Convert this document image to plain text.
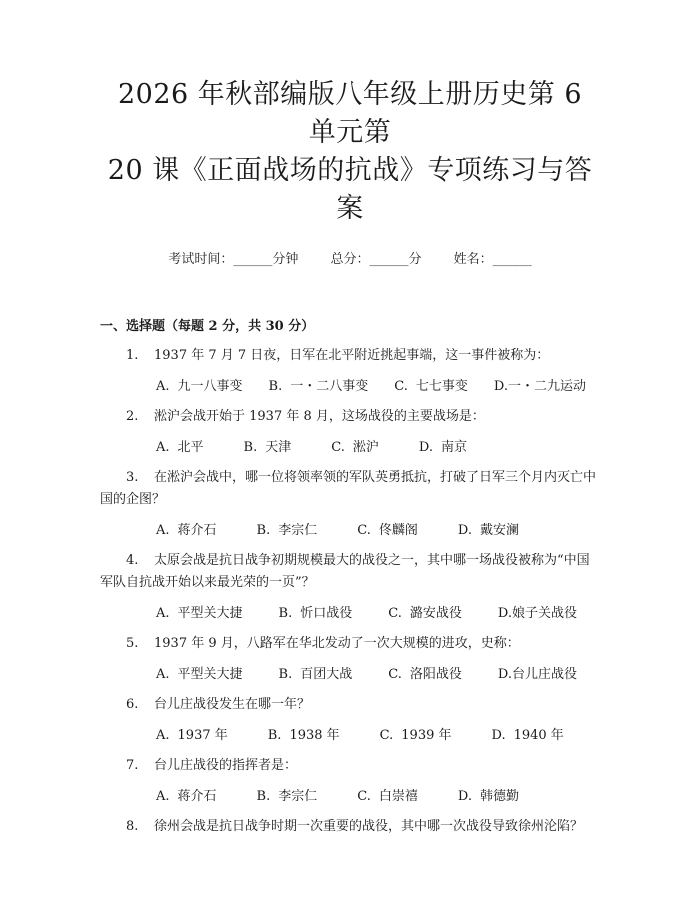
2026 年秋部编版八年级上册历史第 6 单元第
20 课《正面战场的抗战》专项练习与答案
考试时间：______分钟 总分：______分 姓名：______
一、选择题（每题 2 分，共 30 分）
1. 1937 年 7 月 7 日夜，日军在北平附近挑起事端，这一事件被称为：
A. 九一八事变 B. 一・二八事变 C. 七七事变 D.一・二九运动
2. 淞沪会战开始于 1937 年 8 月，这场战役的主要战场是：
A. 北平	B. 天津	C. 淞沪	D. 南京
3. 在淞沪会战中，哪一位将领率领的军队英勇抵抗，打破了日军三个月内灭亡中国的企图？
A. 蒋介石	B. 李宗仁	C. 佟麟阁	D. 戴安澜
4. 太原会战是抗日战争初期规模最大的战役之一，其中哪一场战役被称为“中国军队自抗战开始以来最光荣的一页”？
A. 平型关大捷	B. 忻口战役	C. 潞安战役	D.娘子关战役
5. 1937 年 9 月，八路军在华北发动了一次大规模的进攻，史称：
A. 平型关大捷	B. 百团大战	C. 洛阳战役	D.台儿庄战役
6. 台儿庄战役发生在哪一年？
A. 1937 年	B. 1938 年	C. 1939 年	D. 1940 年
7. 台儿庄战役的指挥者是：
A. 蒋介石	B. 李宗仁	C. 白崇禧	D. 韩德勤
8. 徐州会战是抗日战争时期一次重要的战役，其中哪一次战役导致徐州沦陷？
